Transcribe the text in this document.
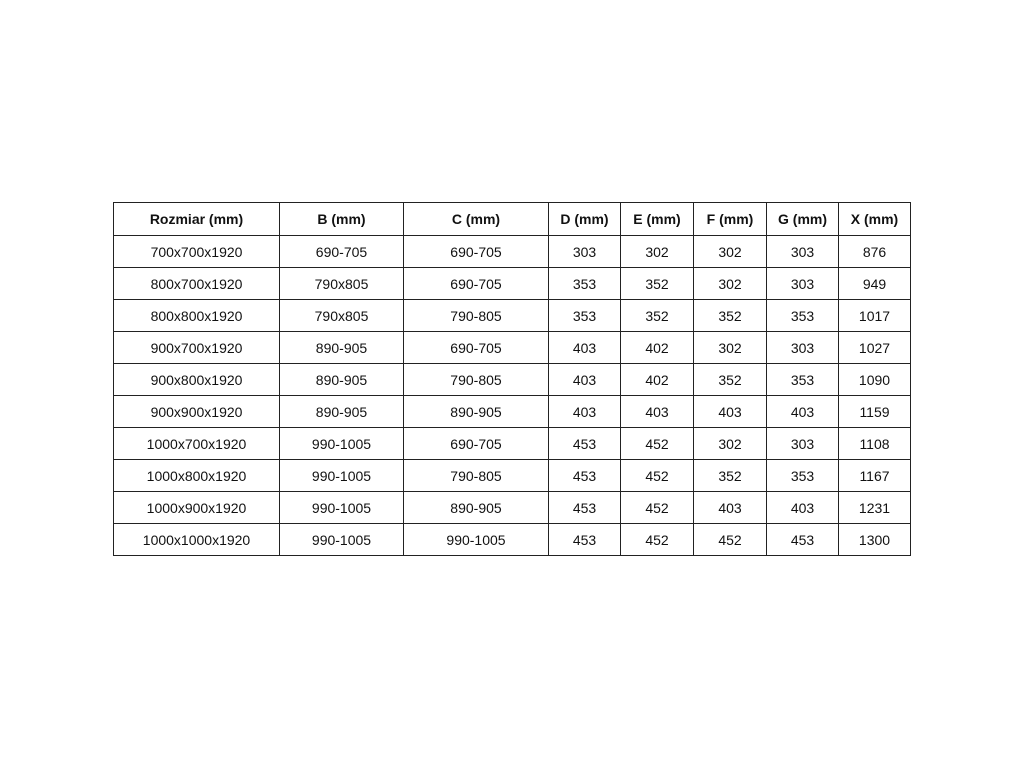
Rozmiar (mm)	B (mm)	C (mm)	D (mm)	E (mm)	F (mm)	G (mm)	X (mm)
700x700x1920	690-705	690-705	303	302	302	303	876
800x700x1920	790x805	690-705	353	352	302	303	949
800x800x1920	790x805	790-805	353	352	352	353	1017
900x700x1920	890-905	690-705	403	402	302	303	1027
900x800x1920	890-905	790-805	403	402	352	353	1090
900x900x1920	890-905	890-905	403	403	403	403	1159
1000x700x1920	990-1005	690-705	453	452	302	303	1108
1000x800x1920	990-1005	790-805	453	452	352	353	1167
1000x900x1920	990-1005	890-905	453	452	403	403	1231
1000x1000x1920	990-1005	990-1005	453	452	452	453	1300
